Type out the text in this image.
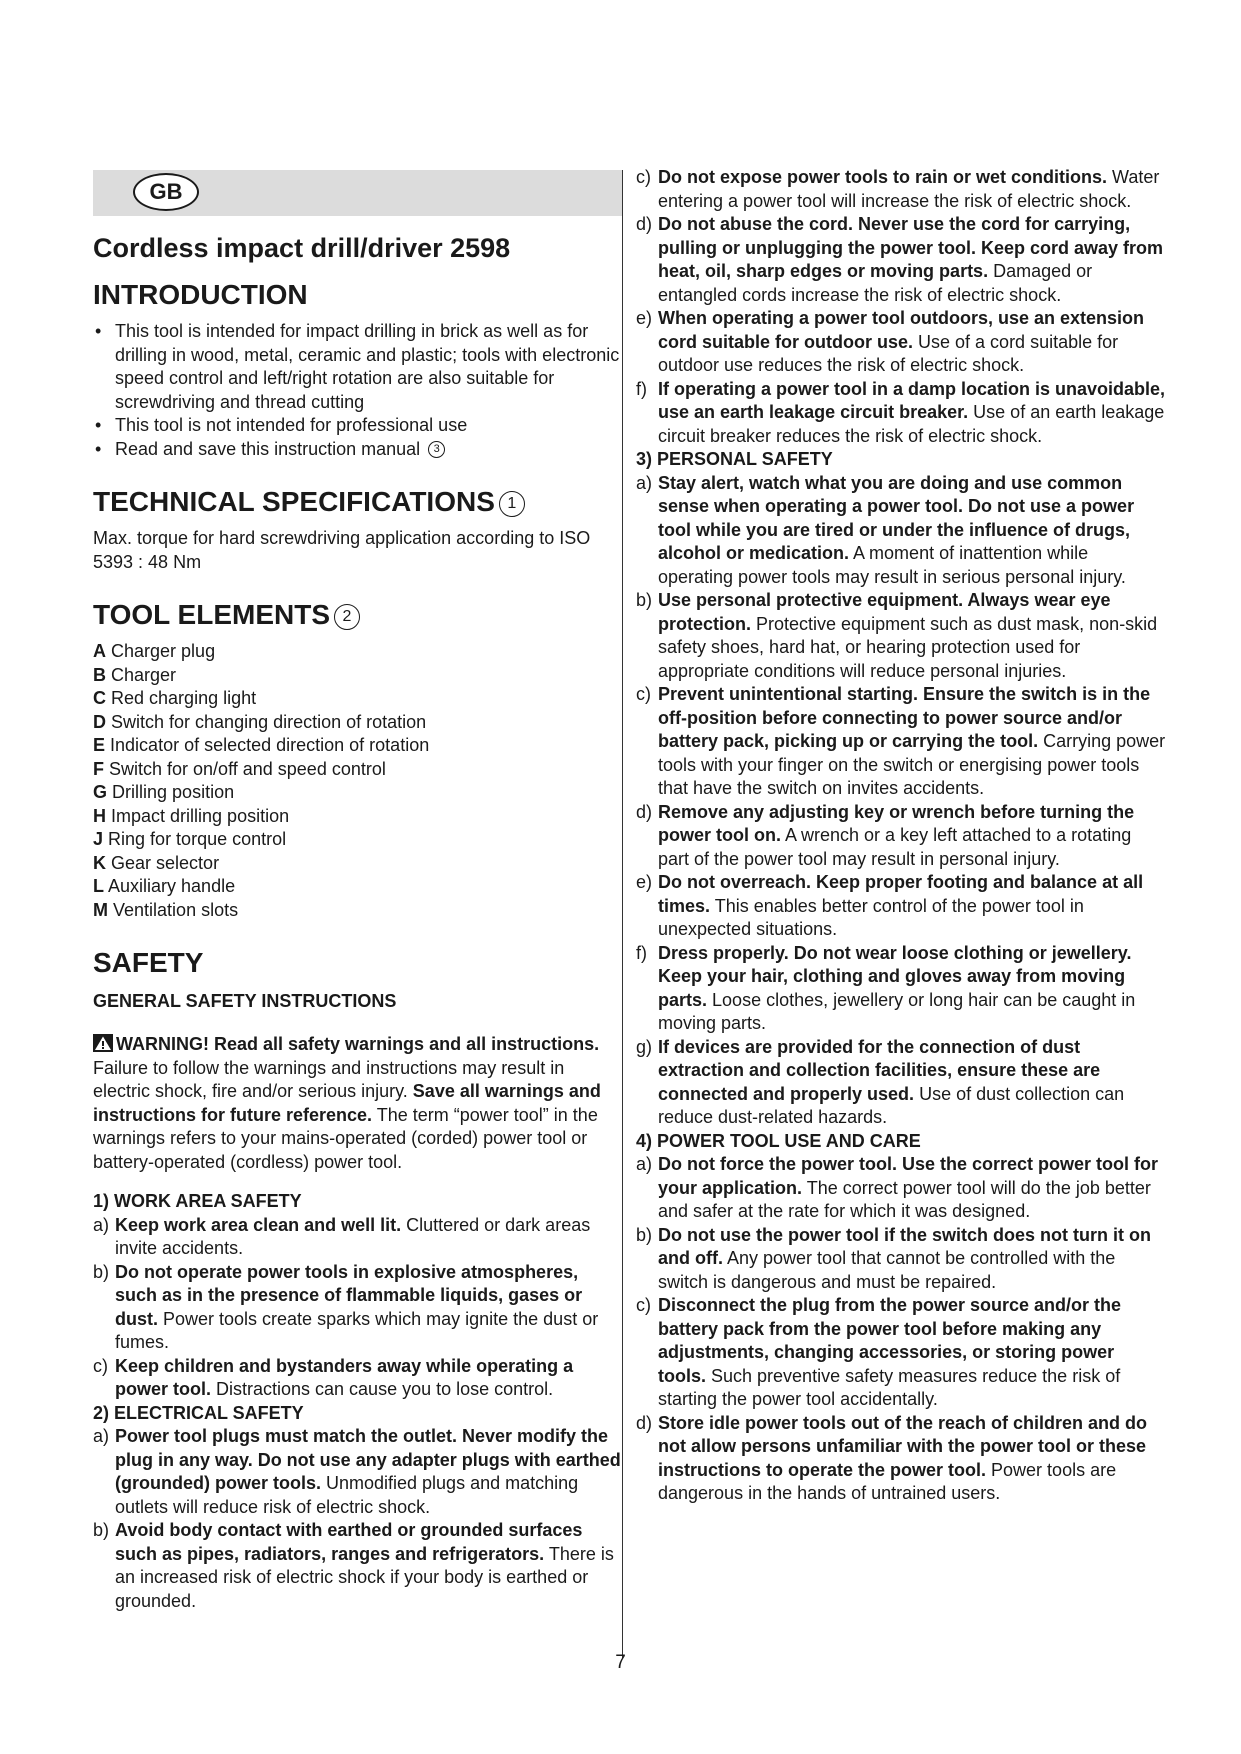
GB
Cordless impact drill/driver 2598
INTRODUCTION
• This tool is intended for impact drilling in brick as well as for drilling in wood, metal, ceramic and plastic; tools with electronic speed control and left/right rotation are also suitable for screwdriving and thread cutting
• This tool is not intended for professional use
• Read and save this instruction manual 3
TECHNICAL SPECIFICATIONS 1

Max. torque for hard screwdriving application according to ISO 5393 : 48 Nm

TOOL ELEMENTS 2
A Charger plug
B Charger
C Red charging light
D Switch for changing direction of rotation
E Indicator of selected direction of rotation
F Switch for on/off and speed control
G Drilling position
H Impact drilling position
J Ring for torque control
K Gear selector
L Auxiliary handle
M Ventilation slots
SAFETY
GENERAL SAFETY INSTRUCTIONS

WARNING! Read all safety warnings and all instructions. Failure to follow the warnings and instructions may result in electric shock, fire and/or serious injury. Save all warnings and instructions for future reference. The term “power tool” in the warnings refers to your mains-operated (corded) power tool or battery-operated (cordless) power tool.

1) WORK AREA SAFETY
a) Keep work area clean and well lit. Cluttered or dark areas invite accidents.
b) Do not operate power tools in explosive atmospheres, such as in the presence of flammable liquids, gases or dust. Power tools create sparks which may ignite the dust or fumes.
c) Keep children and bystanders away while operating a power tool. Distractions can cause you to lose control.
2) ELECTRICAL SAFETY
a) Power tool plugs must match the outlet. Never modify the plug in any way. Do not use any adapter plugs with earthed (grounded) power tools. Unmodified plugs and matching outlets will reduce risk of electric shock.
b) Avoid body contact with earthed or grounded surfaces such as pipes, radiators, ranges and refrigerators. There is an increased risk of electric shock if your body is earthed or grounded.
c) Do not expose power tools to rain or wet conditions. Water entering a power tool will increase the risk of electric shock.
d) Do not abuse the cord. Never use the cord for carrying, pulling or unplugging the power tool. Keep cord away from heat, oil, sharp edges or moving parts. Damaged or entangled cords increase the risk of electric shock.
e) When operating a power tool outdoors, use an extension cord suitable for outdoor use. Use of a cord suitable for outdoor use reduces the risk of electric shock.
f) If operating a power tool in a damp location is unavoidable, use an earth leakage circuit breaker. Use of an earth leakage circuit breaker reduces the risk of electric shock.
3) PERSONAL SAFETY
a) Stay alert, watch what you are doing and use common sense when operating a power tool. Do not use a power tool while you are tired or under the influence of drugs, alcohol or medication. A moment of inattention while operating power tools may result in serious personal injury.
b) Use personal protective equipment. Always wear eye protection. Protective equipment such as dust mask, non-skid safety shoes, hard hat, or hearing protection used for appropriate conditions will reduce personal injuries.
c) Prevent unintentional starting. Ensure the switch is in the off-position before connecting to power source and/or battery pack, picking up or carrying the tool. Carrying power tools with your finger on the switch or energising power tools that have the switch on invites accidents.
d) Remove any adjusting key or wrench before turning the power tool on. A wrench or a key left attached to a rotating part of the power tool may result in personal injury.
e) Do not overreach. Keep proper footing and balance at all times. This enables better control of the power tool in unexpected situations.
f) Dress properly. Do not wear loose clothing or jewellery. Keep your hair, clothing and gloves away from moving parts. Loose clothes, jewellery or long hair can be caught in moving parts.
g) If devices are provided for the connection of dust extraction and collection facilities, ensure these are connected and properly used. Use of dust collection can reduce dust-related hazards.
4) POWER TOOL USE AND CARE
a) Do not force the power tool. Use the correct power tool for your application. The correct power tool will do the job better and safer at the rate for which it was designed.
b) Do not use the power tool if the switch does not turn it on and off. Any power tool that cannot be controlled with the switch is dangerous and must be repaired.
c) Disconnect the plug from the power source and/or the battery pack from the power tool before making any adjustments, changing accessories, or storing power tools. Such preventive safety measures reduce the risk of starting the power tool accidentally.
d) Store idle power tools out of the reach of children and do not allow persons unfamiliar with the power tool or these instructions to operate the power tool. Power tools are dangerous in the hands of untrained users.
7
